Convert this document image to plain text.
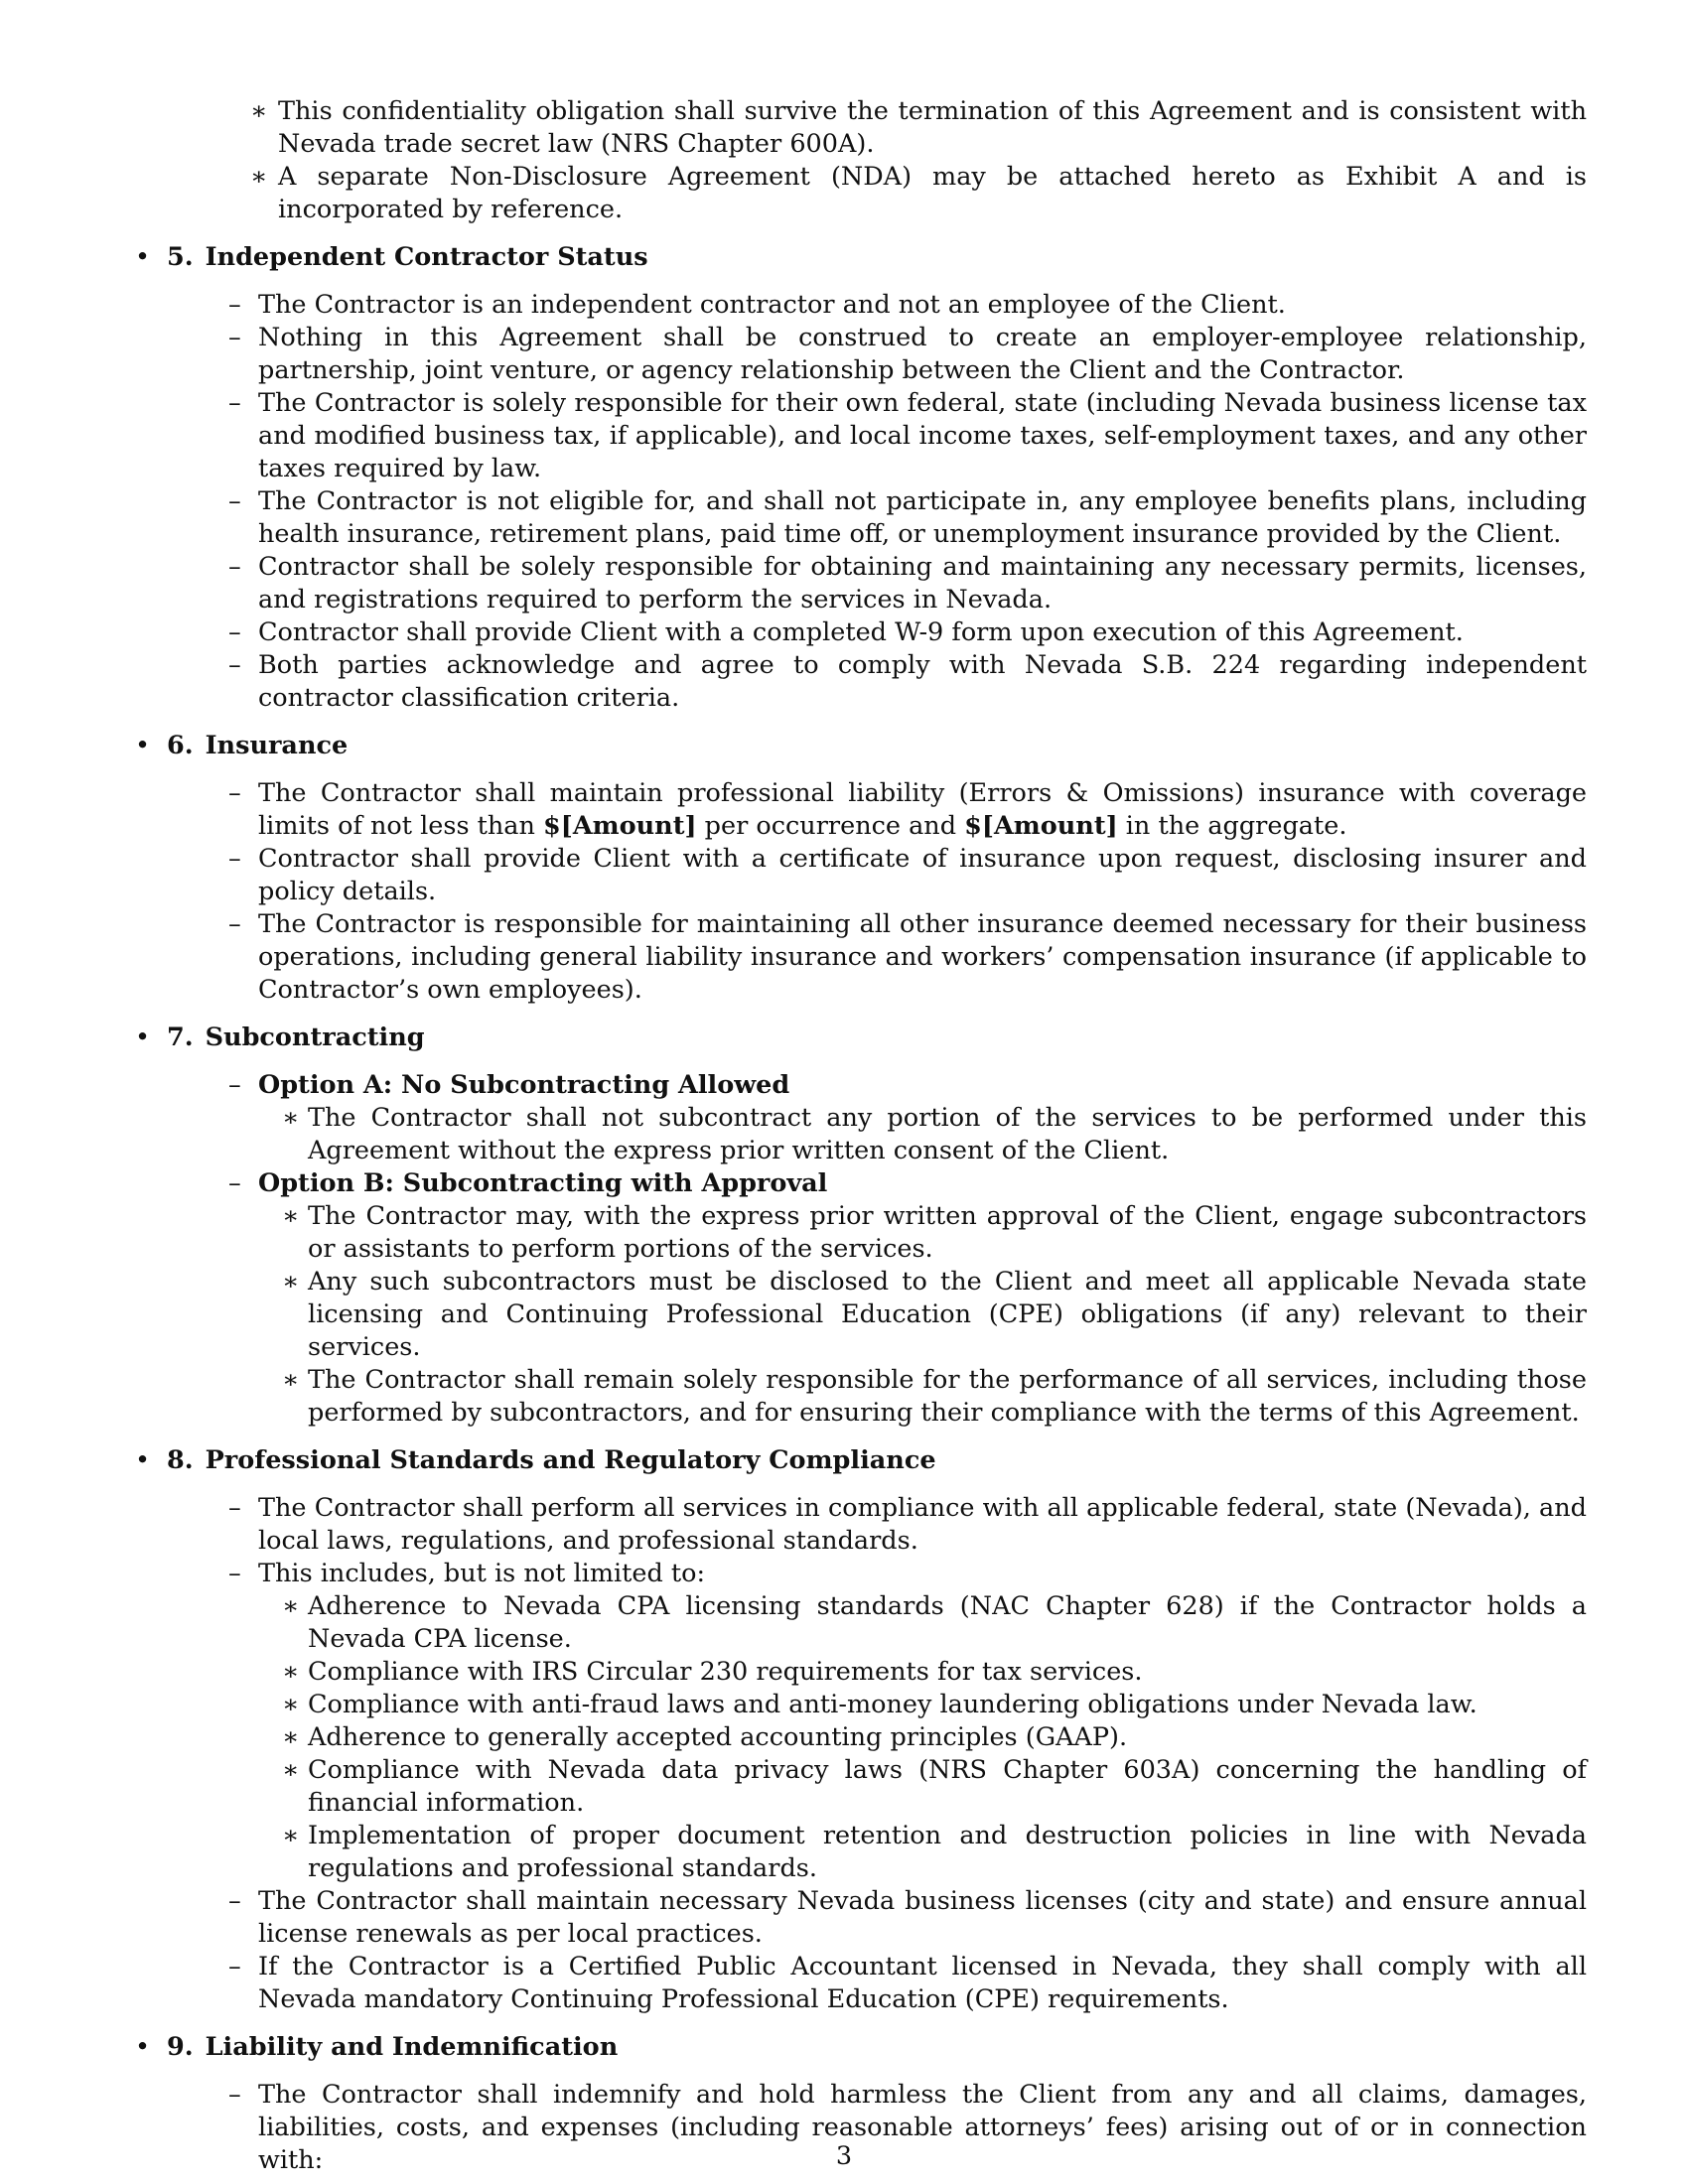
∗ This confidentiality obligation shall survive the termination of this Agreement and is consistent with Nevada trade secret law (NRS Chapter 600A).
∗ A separate Non-Disclosure Agreement (NDA) may be attached hereto as Exhibit A and is incorporated by reference.
• 5. Independent Contractor Status
– The Contractor is an independent contractor and not an employee of the Client.
– Nothing in this Agreement shall be construed to create an employer-employee relationship, partnership, joint venture, or agency relationship between the Client and the Contractor.
– The Contractor is solely responsible for their own federal, state (including Nevada business license tax and modified business tax, if applicable), and local income taxes, self-employment taxes, and any other taxes required by law.
– The Contractor is not eligible for, and shall not participate in, any employee benefits plans, including health insurance, retirement plans, paid time off, or unemployment insurance provided by the Client.
– Contractor shall be solely responsible for obtaining and maintaining any necessary permits, licenses, and registrations required to perform the services in Nevada.
– Contractor shall provide Client with a completed W-9 form upon execution of this Agreement.
– Both parties acknowledge and agree to comply with Nevada S.B. 224 regarding independent contractor classification criteria.
• 6. Insurance
– The Contractor shall maintain professional liability (Errors & Omissions) insurance with coverage limits of not less than $[Amount] per occurrence and $[Amount] in the aggregate.
– Contractor shall provide Client with a certificate of insurance upon request, disclosing insurer and policy details.
– The Contractor is responsible for maintaining all other insurance deemed necessary for their business operations, including general liability insurance and workers’ compensation insurance (if applicable to Contractor’s own employees).
• 7. Subcontracting
– Option A: No Subcontracting Allowed
∗ The Contractor shall not subcontract any portion of the services to be performed under this Agreement without the express prior written consent of the Client.
– Option B: Subcontracting with Approval
∗ The Contractor may, with the express prior written approval of the Client, engage subcontractors or assistants to perform portions of the services.
∗ Any such subcontractors must be disclosed to the Client and meet all applicable Nevada state licensing and Continuing Professional Education (CPE) obligations (if any) relevant to their services.
∗ The Contractor shall remain solely responsible for the performance of all services, including those performed by subcontractors, and for ensuring their compliance with the terms of this Agreement.
• 8. Professional Standards and Regulatory Compliance
– The Contractor shall perform all services in compliance with all applicable federal, state (Nevada), and local laws, regulations, and professional standards.
– This includes, but is not limited to:
∗ Adherence to Nevada CPA licensing standards (NAC Chapter 628) if the Contractor holds a Nevada CPA license.
∗ Compliance with IRS Circular 230 requirements for tax services.
∗ Compliance with anti-fraud laws and anti-money laundering obligations under Nevada law.
∗ Adherence to generally accepted accounting principles (GAAP).
∗ Compliance with Nevada data privacy laws (NRS Chapter 603A) concerning the handling of financial information.
∗ Implementation of proper document retention and destruction policies in line with Nevada regulations and professional standards.
– The Contractor shall maintain necessary Nevada business licenses (city and state) and ensure annual license renewals as per local practices.
– If the Contractor is a Certified Public Accountant licensed in Nevada, they shall comply with all Nevada mandatory Continuing Professional Education (CPE) requirements.
• 9. Liability and Indemnification
– The Contractor shall indemnify and hold harmless the Client from any and all claims, damages, liabilities, costs, and expenses (including reasonable attorneys’ fees) arising out of or in connection with:	3
